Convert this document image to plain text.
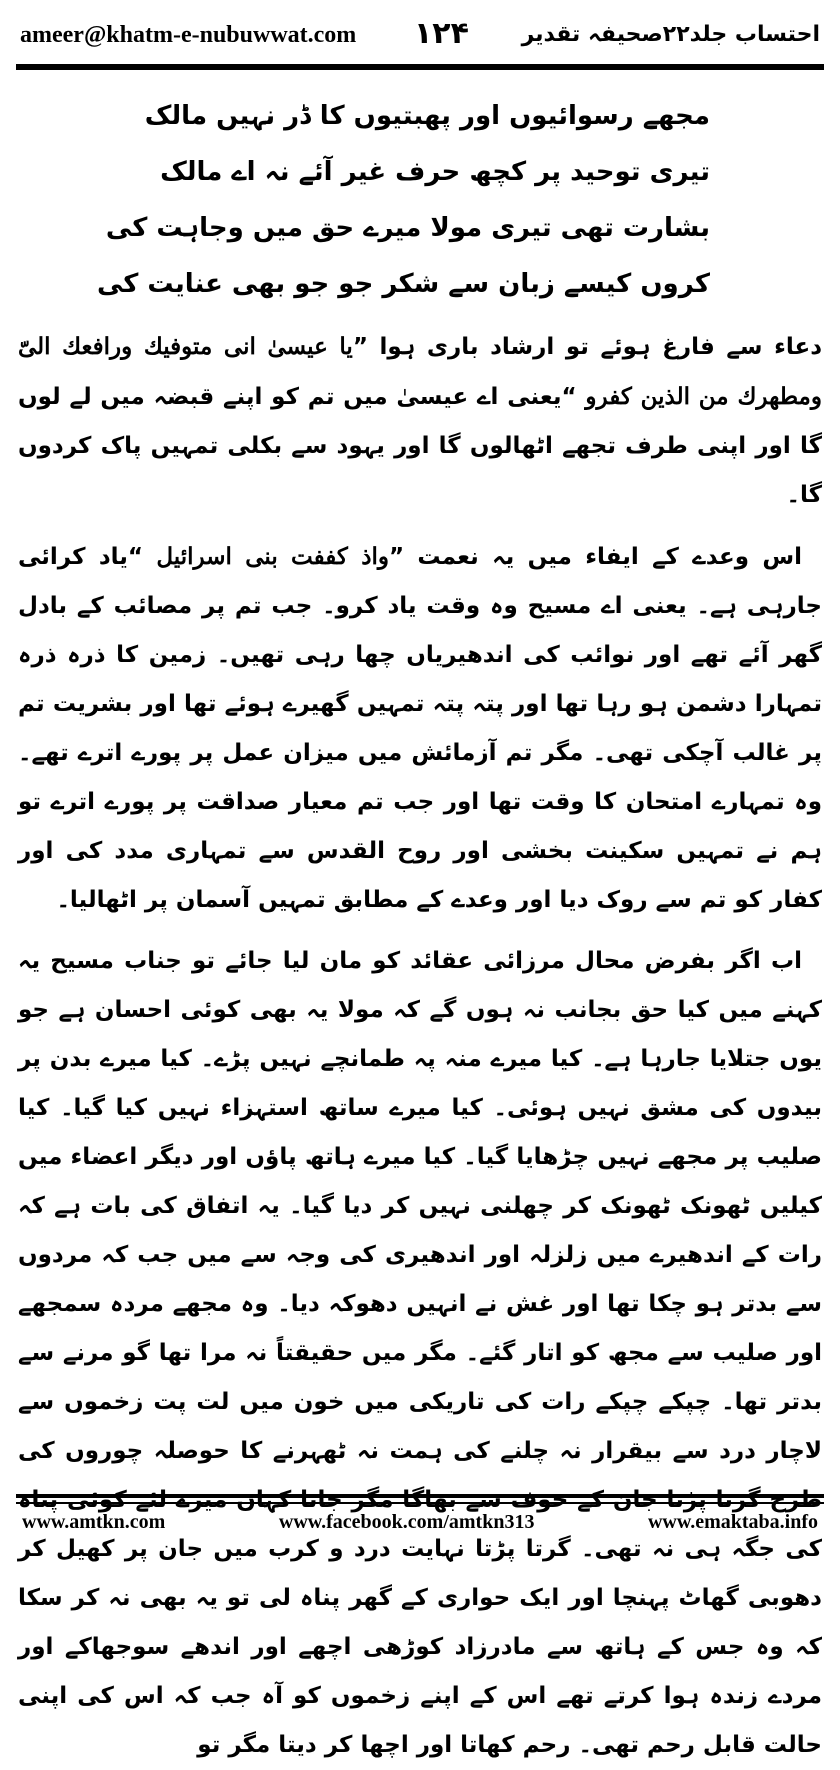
ameer@khatm-e-nubuwwat.com ۱۲۴ احتساب جلد۲۲صحیفہ تقدیر
مجھے رسوائیوں اور پھبتیوں کا ڈر نہیں مالک
تیری توحید پر کچھ حرف غیر آئے نہ اے مالک
بشارت تھی تیری مولا میرے حق میں وجاہت کی
کروں کیسے زبان سے شکر جو جو بھی عنایت کی

دعاء سے فارغ ہوئے تو ارشاد باری ہوا ”یا عیسیٰ انی متوفیك ورافعك الیّ ومطهرك من الذین کفرو “یعنی اے عیسیٰ میں تم کو اپنے قبضہ میں لے لوں گا اور اپنی طرف تجھے اٹھالوں گا اور یہود سے بکلی تمہیں پاک کردوں گا۔

اس وعدے کے ایفاء میں یہ نعمت ”واذ کففت بنی اسرائیل “یاد کرائی جارہی ہے۔ یعنی اے مسیح وہ وقت یاد کرو۔ جب تم پر مصائب کے بادل گھر آئے تھے اور نوائب کی اندھیریاں چھا رہی تھیں۔ زمین کا ذرہ ذرہ تمہارا دشمن ہو رہا تھا اور پتہ پتہ تمہیں گھیرے ہوئے تھا اور بشریت تم پر غالب آچکی تھی۔ مگر تم آزمائش میں میزان عمل پر پورے اترے تھے۔ وہ تمہارے امتحان کا وقت تھا اور جب تم معیار صداقت پر پورے اترے تو ہم نے تمہیں سکینت بخشی اور روح القدس سے تمہاری مدد کی اور کفار کو تم سے روک دیا اور وعدے کے مطابق تمہیں آسمان پر اٹھالیا۔

اب اگر بفرض محال مرزائی عقائد کو مان لیا جائے تو جناب مسیح یہ کہنے میں کیا حق بجانب نہ ہوں گے کہ مولا یہ بھی کوئی احسان ہے جو یوں جتلایا جارہا ہے۔ کیا میرے منہ پہ طمانچے نہیں پڑے۔ کیا میرے بدن پر بیدوں کی مشق نہیں ہوئی۔ کیا میرے ساتھ استہزاء نہیں کیا گیا۔ کیا صلیب پر مجھے نہیں چڑھایا گیا۔ کیا میرے ہاتھ پاؤں اور دیگر اعضاء میں کیلیں ٹھونک ٹھونک کر چھلنی نہیں کر دیا گیا۔ یہ اتفاق کی بات ہے کہ رات کے اندھیرے میں زلزلہ اور اندھیری کی وجہ سے میں جب کہ مردوں سے بدتر ہو چکا تھا اور غش نے انہیں دھوکہ دیا۔ وہ مجھے مردہ سمجھے اور صلیب سے مجھ کو اتار گئے۔ مگر میں حقیقتاً نہ مرا تھا گو مرنے سے بدتر تھا۔ چپکے چپکے رات کی تاریکی میں خون میں لت پت زخموں سے لاچار درد سے بیقرار نہ چلنے کی ہمت نہ ٹھہرنے کا حوصلہ چوروں کی طرح گرتا پڑتا جان کے خوف سے بھاگا مگر جاتا کہاں میرے لئے کوئی پناہ کی جگہ ہی نہ تھی۔ گرتا پڑتا نہایت درد و کرب میں جان پر کھیل کر دھوبی گھاٹ پہنچا اور ایک حواری کے گھر پناہ لی تو یہ بھی نہ کر سکا کہ وہ جس کے ہاتھ سے مادرزاد کوڑھی اچھے اور اندھے سوجھاکے اور مردے زندہ ہوا کرتے تھے اس کے اپنے زخموں کو آہ جب کہ اس کی اپنی حالت قابل رحم تھی۔ رحم کھاتا اور اچھا کر دیتا مگر تو

www.amtkn.com	www.facebook.com/amtkn313	www.emaktaba.info
